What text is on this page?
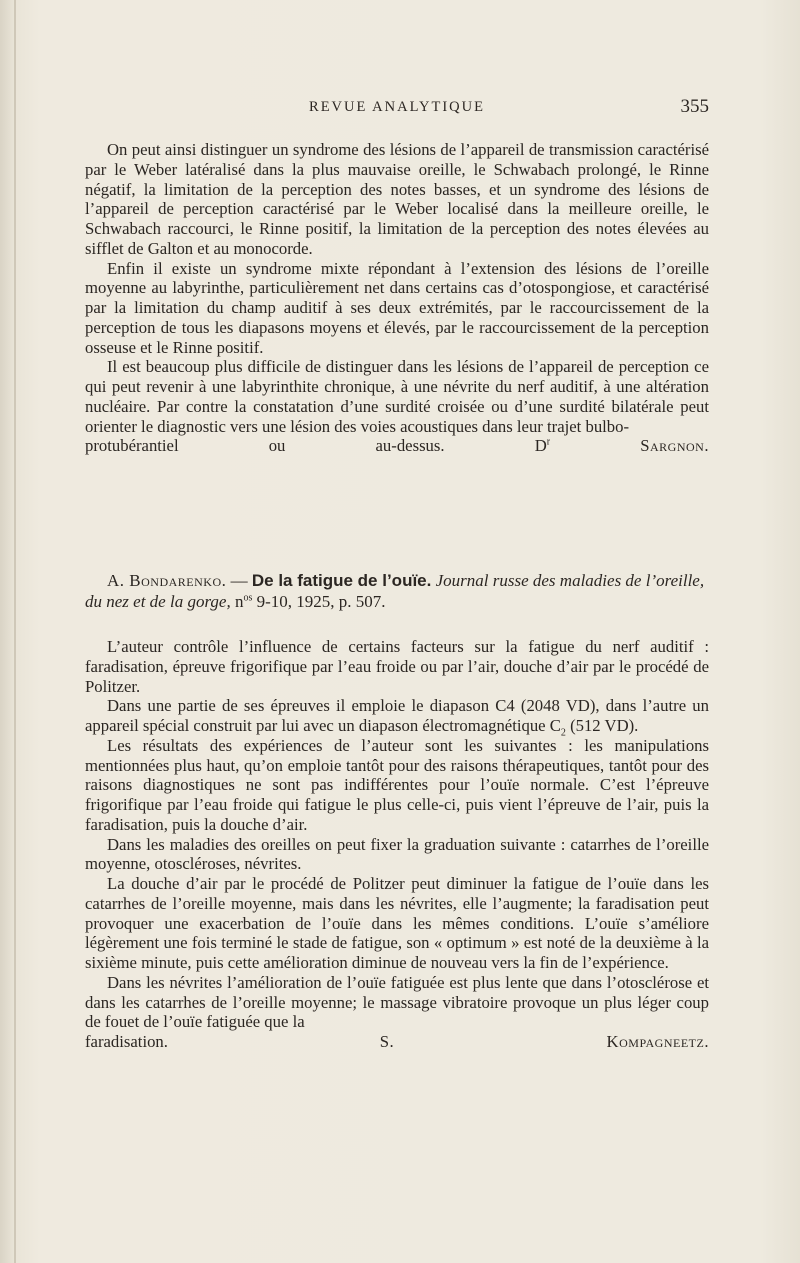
REVUE ANALYTIQUE	355

On peut ainsi distinguer un syndrome des lésions de l’appareil de transmission caractérisé par le Weber latéralisé dans la plus mauvaise oreille, le Schwabach prolongé, le Rinne négatif, la limitation de la perception des notes basses, et un syndrome des lésions de l’appareil de perception caractérisé par le Weber localisé dans la meilleure oreille, le Schwabach raccourci, le Rinne positif, la limitation de la perception des notes élevées au sifflet de Galton et au monocorde.

Enfin il existe un syndrome mixte répondant à l’extension des lésions de l’oreille moyenne au labyrinthe, particulièrement net dans certains cas d’otospongiose, et caractérisé par la limitation du champ auditif à ses deux extrémités, par le raccourcissement de la perception de tous les diapasons moyens et élevés, par le raccourcissement de la perception osseuse et le Rinne positif.

Il est beaucoup plus difficile de distinguer dans les lésions de l’appareil de perception ce qui peut revenir à une labyrinthite chronique, à une névrite du nerf auditif, à une altération nucléaire. Par contre la constatation d’une surdité croisée ou d’une surdité bilatérale peut orienter le diagnostic vers une lésion des voies acoustiques dans leur trajet bulbo-

protubérantiel ou au-dessus.	$D^r$	Sargnon.
A. Bondarenko. — De la fatigue de l’ouïe. Journal russe des maladies de l’oreille, du nez et de la gorge, $n^{os}$ 9-10, 1925, p. 507.

L’auteur contrôle l’influence de certains facteurs sur la fatigue du nerf auditif : faradisation, épreuve frigorifique par l’eau froide ou par l’air, douche d’air par le procédé de Politzer.

Dans une partie de ses épreuves il emploie le diapason C4 (2048 VD), dans l’autre un appareil spécial construit par lui avec un diapason électromagnétique $C_2$ (512 VD).

Les résultats des expériences de l’auteur sont les suivantes : les manipulations mentionnées plus haut, qu’on emploie tantôt pour des raisons thérapeutiques, tantôt pour des raisons diagnostiques ne sont pas indifférentes pour l’ouïe normale. C’est l’épreuve frigorifique par l’eau froide qui fatigue le plus celle-ci, puis vient l’épreuve de l’air, puis la faradisation, puis la douche d’air.

Dans les maladies des oreilles on peut fixer la graduation suivante : catarrhes de l’oreille moyenne, otoscléroses, névrites.

La douche d’air par le procédé de Politzer peut diminuer la fatigue de l’ouïe dans les catarrhes de l’oreille moyenne, mais dans les névrites, elle l’augmente; la faradisation peut provoquer une exacerbation de l’ouïe dans les mêmes conditions. L’ouïe s’améliore légèrement une fois terminé le stade de fatigue, son « optimum » est noté de la deuxième à la sixième minute, puis cette amélioration diminue de nouveau vers la fin de l’expérience.

Dans les névrites l’amélioration de l’ouïe fatiguée est plus lente que dans l’otosclérose et dans les catarrhes de l’oreille moyenne; le massage vibratoire provoque un plus léger coup de fouet de l’ouïe fatiguée que la

faradisation.	S. Kompagneetz.
